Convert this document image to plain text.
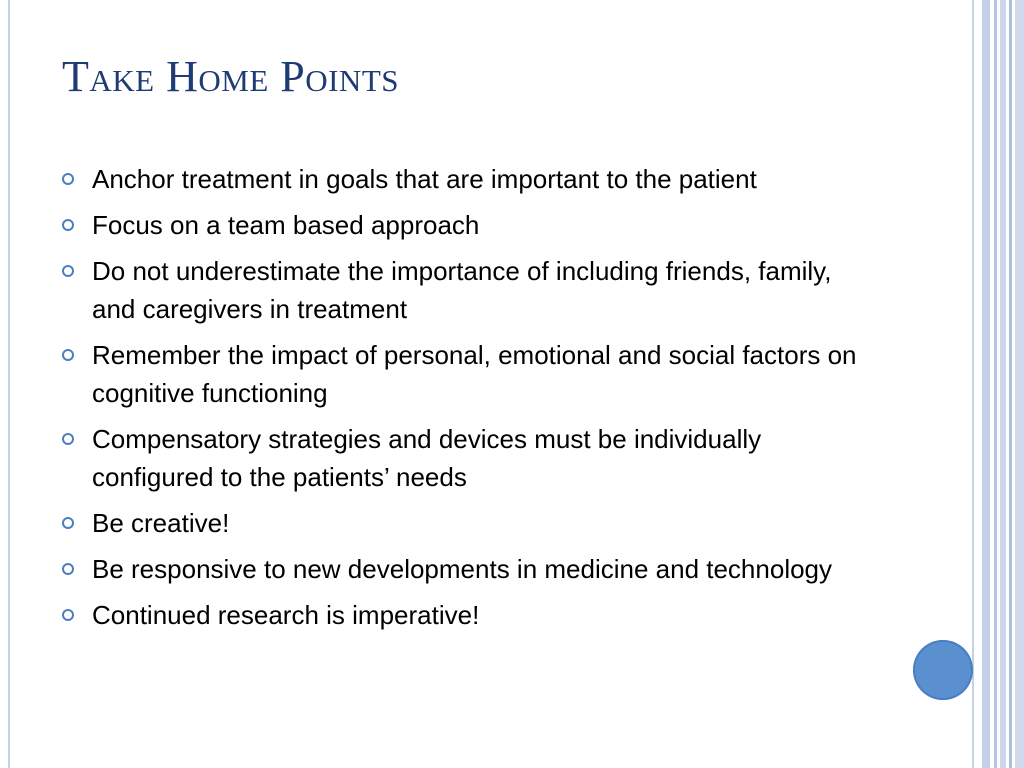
Take Home Points
Anchor treatment in goals that are important to the patient
Focus on a team based approach
Do not underestimate the importance of including friends, family, and caregivers in treatment
Remember the impact of personal, emotional and social factors on cognitive functioning
Compensatory strategies and devices must be individually configured to the patients’ needs
Be creative!
Be responsive to new developments in medicine and technology
Continued research is imperative!
